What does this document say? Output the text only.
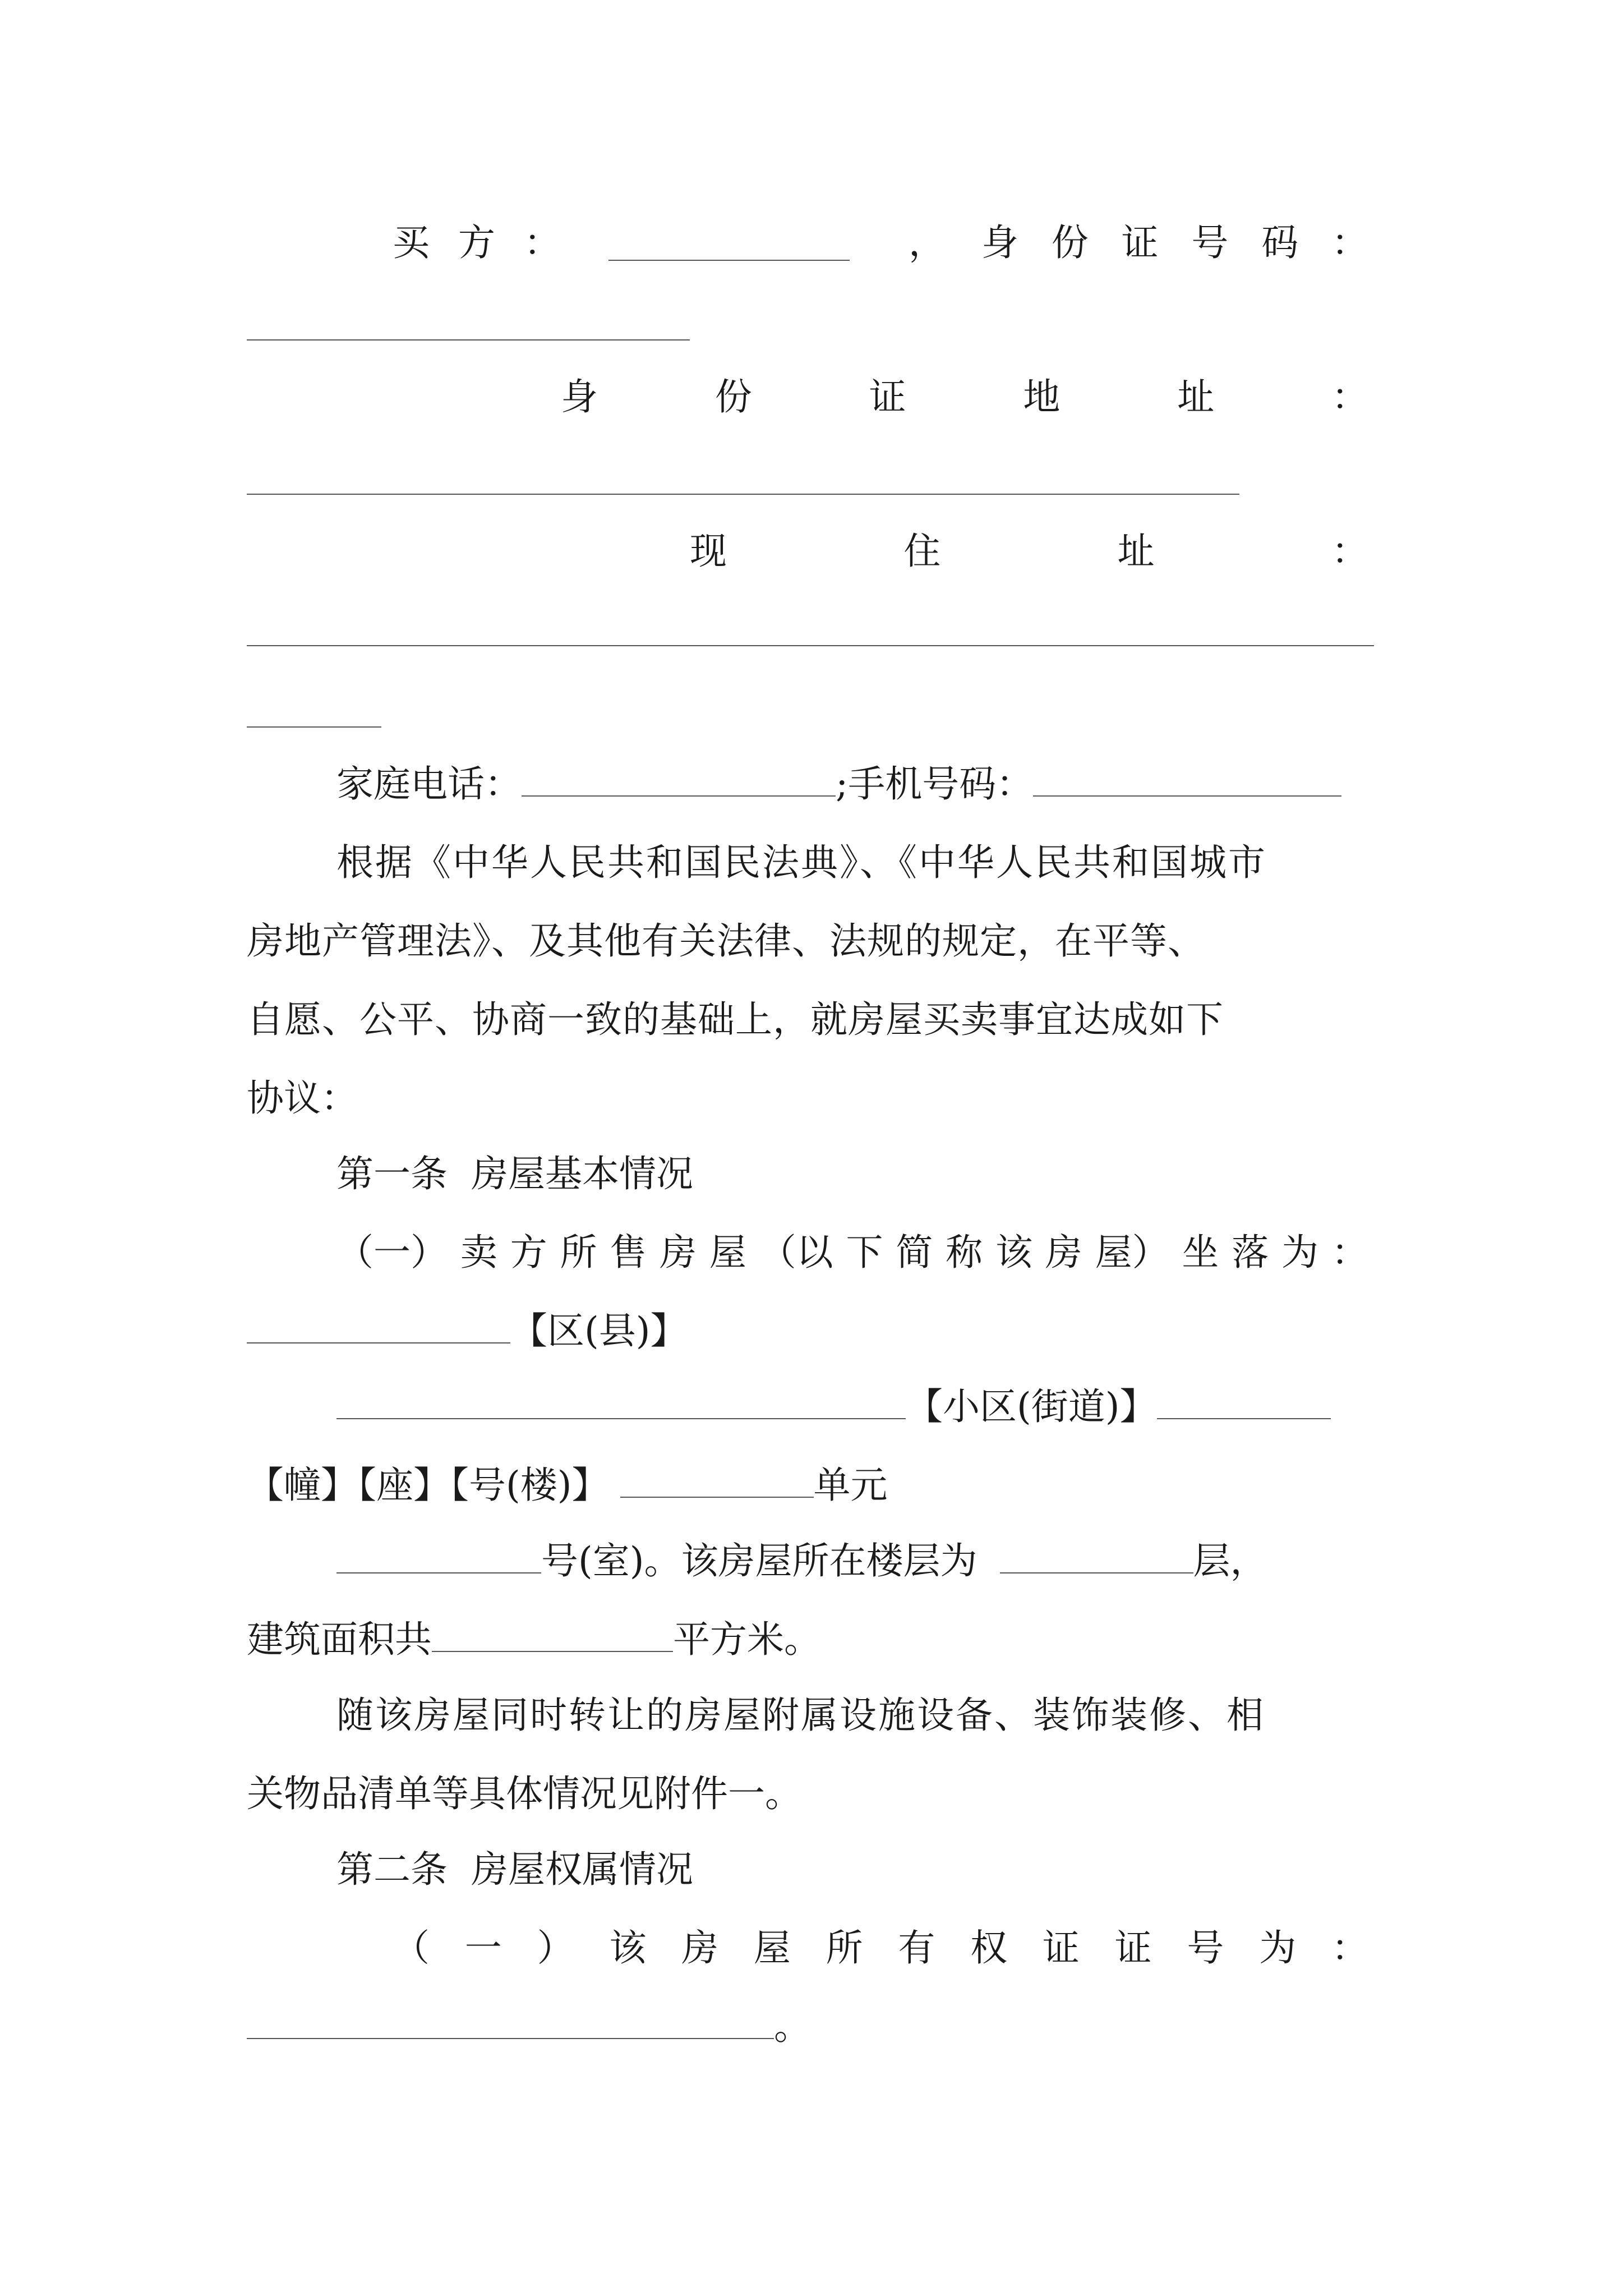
买 方 ：	， 身 份 证 号 码 ：
身	份	证	地	址	：
现	住	址	：
家庭电话：	;手机号码：
根据《中华人民共和国民法典》、《中华人民共和国城市
房地产管理法》、及其他有关法律、法规的规定，在平等、
自愿、公平、协商一致的基础上，就房屋买卖事宜达成如下
协议：
第一条  房屋基本情况
（一） 卖 方 所 售 房 屋 （以 下 简 称 该 房 屋） 坐 落 为 ：
【区(县)】
【小区(街道)】
【幢】【座】【号(楼)】	单元
号(室)。该房屋所在楼层为	层，
建筑面积共	平方米。
随该房屋同时转让的房屋附属设施设备、装饰装修、相
关物品清单等具体情况见附件一。
第二条  房屋权属情况
（ 一 ） 该 房 屋 所 有 权 证 证 号 为 ：
。
